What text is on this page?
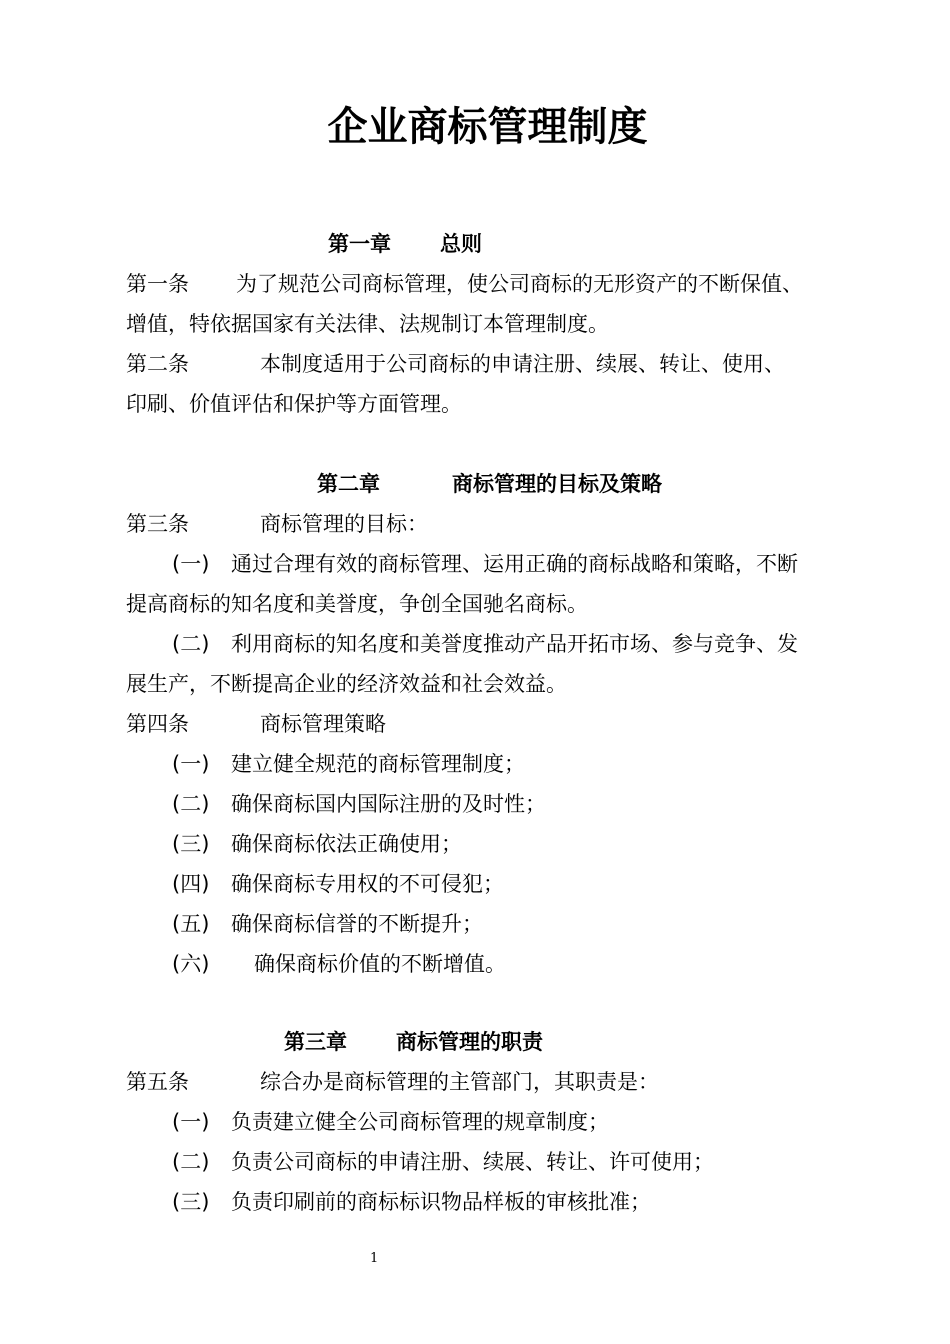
企业商标管理制度
第一章 总则
第一条 为了规范公司商标管理，使公司商标的无形资产的不断保值、
增值，特依据国家有关法律、法规制订本管理制度。
第二条	本制度适用于公司商标的申请注册、续展、转让、使用、
印刷、价值评估和保护等方面管理。
第二章	商标管理的目标及策略
第三条	商标管理的目标：
(一) 通过合理有效的商标管理、运用正确的商标战略和策略，不断
提高商标的知名度和美誉度，争创全国驰名商标。
(二) 利用商标的知名度和美誉度推动产品开拓市场、参与竞争、发
展生产，不断提高企业的经济效益和社会效益。
第四条	商标管理策略
(一) 建立健全规范的商标管理制度；
(二) 确保商标国内国际注册的及时性；
(三) 确保商标依法正确使用；
(四) 确保商标专用权的不可侵犯；
(五) 确保商标信誉的不断提升；
(六) 确保商标价值的不断增值。
第三章 商标管理的职责
第五条	综合办是商标管理的主管部门，其职责是：
(一) 负责建立健全公司商标管理的规章制度；
(二) 负责公司商标的申请注册、续展、转让、许可使用；
(三) 负责印刷前的商标标识物品样板的审核批准；
1
